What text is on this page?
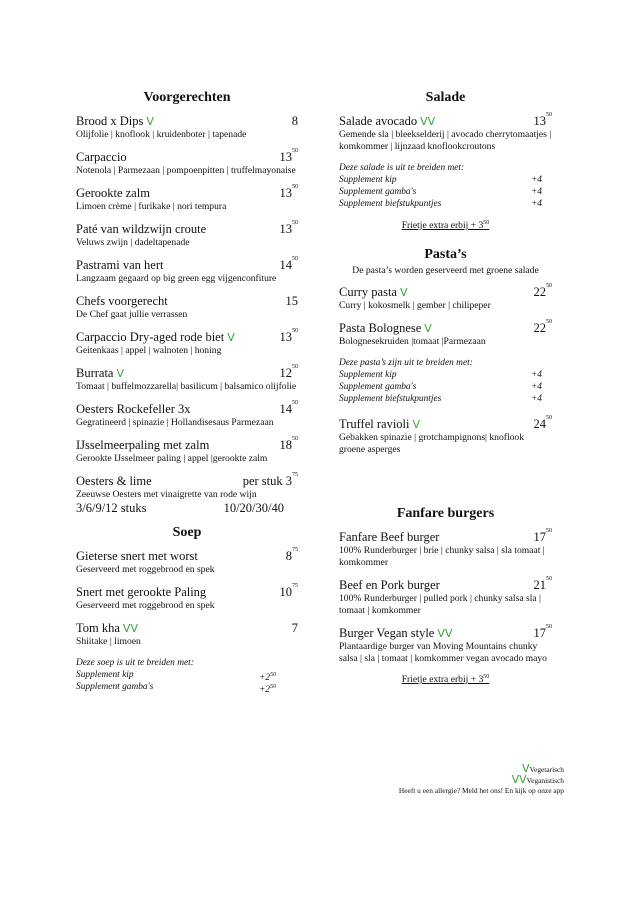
Voorgerechten
Brood x Dips ᐯ	8
Olijfolie | knoflook | kruidenboter | tapenade
Carpaccio	$13^{50}$
Notenola | Parmezaan | pompoenpitten | truffelmayonaise
Gerookte zalm	$13^{50}$
Limoen crème | furikake | nori tempura
Paté van wildzwijn croute	$13^{50}$
Veluws zwijn | dadeltapenade
Pastrami van hert	$14^{50}$
Langzaam gegaard op big green egg vijgenconfiture
Chefs voorgerecht	15
De Chef gaat jullie verrassen
Carpaccio Dry-aged rode biet ᐯ	$13^{50}$
Geitenkaas | appel | walnoten | honing
Burrata ᐯ	$12^{50}$
Tomaat | buffelmozzarella| basilicum | balsamico olijfolie
Oesters Rockefeller 3x	$14^{50}$
Gegratineerd | spinazie | Hollandisesaus Parmezaan
IJsselmeerpaling met zalm	$18^{50}$
Gerookte IJsselmeer paling | appel |gerookte zalm
Oesters & lime	per stuk $3^{75}$
Zeeuwse Oesters met vinaigrette van rode wijn
3/6/9/12 stuks	10/20/30/40
Soep
Gieterse snert met worst	$8^{75}$
Geserveerd met roggebrood en spek
Snert met gerookte Paling	$10^{75}$
Geserveerd met roggebrood en spek
Tom kha ᐯᐯ	7
Shiitake | limoen
Deze soep is uit te breiden met:
Supplement kip	$+2^{50}$
Supplement gamba's	$+2^{50}$
Salade
Salade avocado ᐯᐯ	$13^{50}$
Gemende sla | bleekselderij | avocado cherrytomaatjes | komkommer | lijnzaad knoflookcroutons
Deze salade is uit te breiden met:
Supplement kip	+4
Supplement gamba's	+4
Supplement biefstukpuntjes	+4
Frietje extra erbij + $3^{50}$
Pasta’s
De pasta’s worden geserveerd met groene salade
Curry pasta ᐯ	$22^{50}$
Curry | kokosmelk | gember | chilipeper
Pasta Bolognese ᐯ	$22^{50}$
Bolognesekruiden |tomaat |Parmezaan
Deze pasta’s zijn uit te breiden met:
Supplement kip	+4
Supplement gamba's	+4
Supplement biefstukpuntjes	+4
Truffel ravioli ᐯ	$24^{50}$
Gebakken spinazie | grotchampignons| knoflook groene asperges
Fanfare burgers
Fanfare Beef burger	$17^{50}$
100% Runderburger | brie | chunky salsa | sla tomaat | komkommer
Beef en Pork burger	$21^{50}$
100% Runderburger | pulled pork | chunky salsa sla | tomaat | komkommer
Burger Vegan style ᐯᐯ	$17^{50}$
Plantaardige burger van Moving Mountains chunky salsa | sla | tomaat | komkommer vegan avocado mayo
Frietje extra erbij + $3^{50}$
ᐯVegetarisch
ᐯᐯVeganistisch
Heeft u een allergie? Meld het ons! En kijk op onze app
